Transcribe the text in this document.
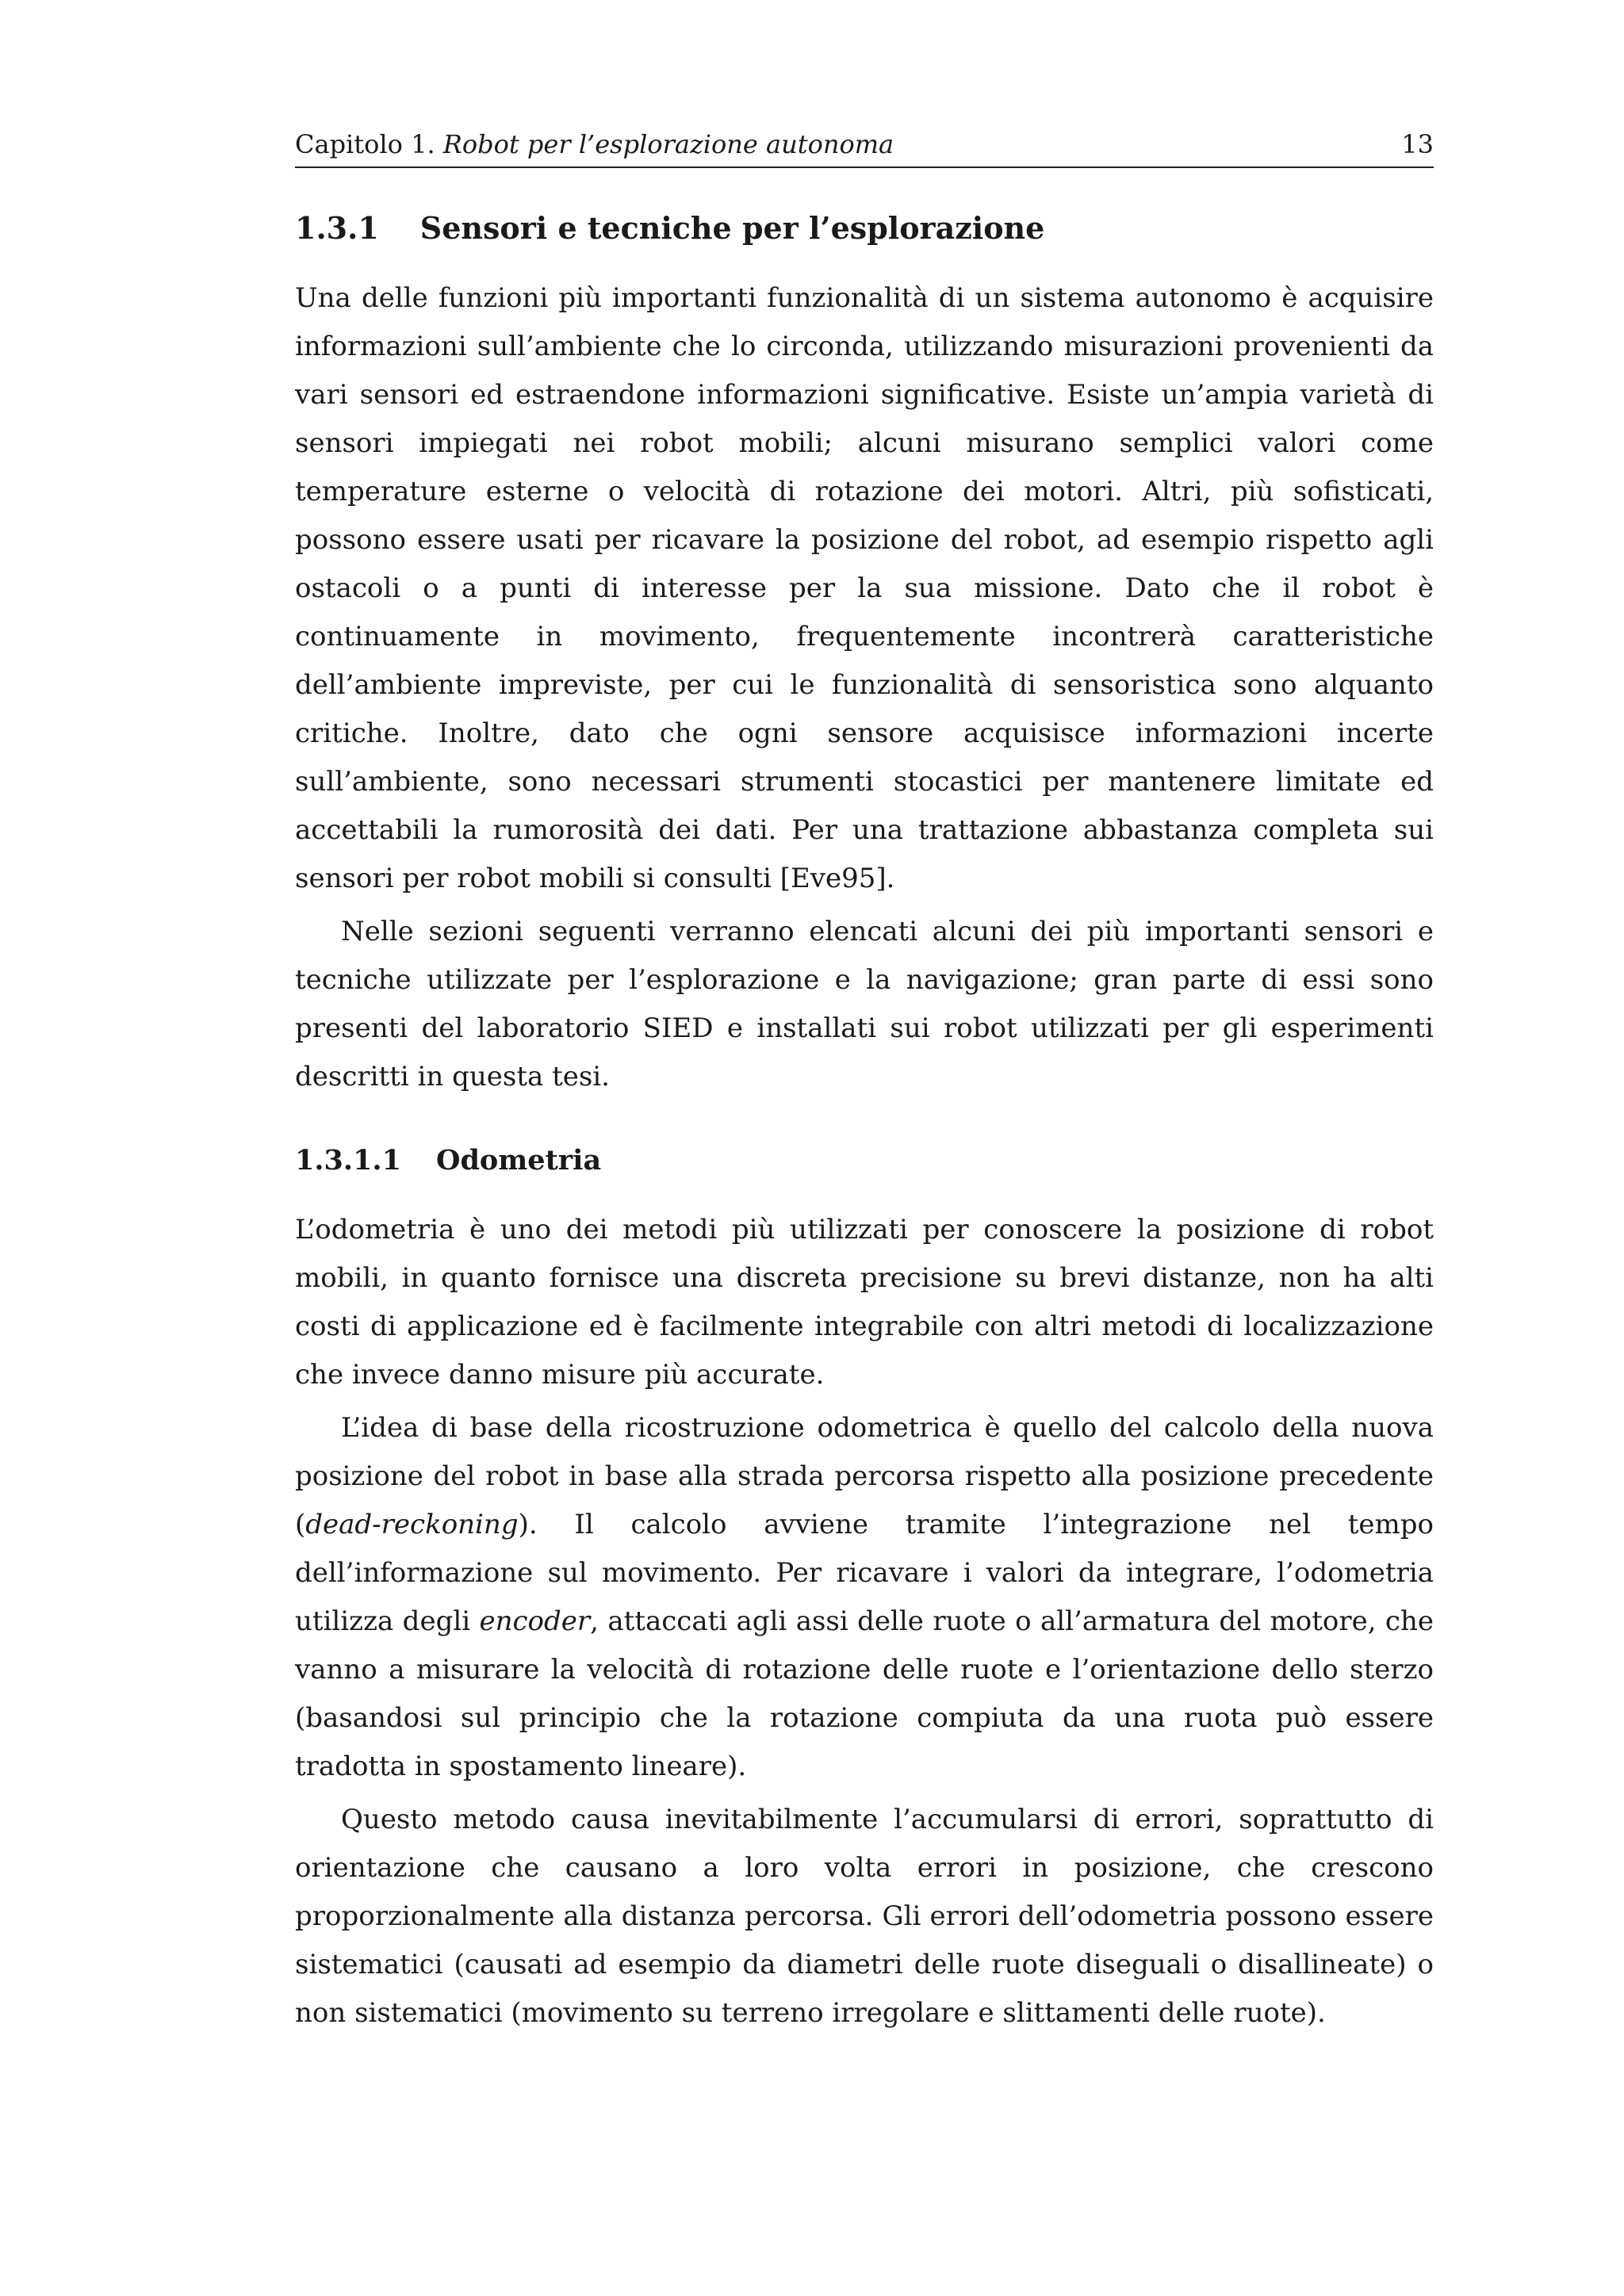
Capitolo 1. Robot per l’esplorazione autonoma	13
1.3.1 Sensori e tecniche per l’esplorazione

Una delle funzioni più importanti funzionalità di un sistema autonomo è acquisire informazioni sull’ambiente che lo circonda, utilizzando misurazioni provenienti da vari sensori ed estraendone informazioni significative. Esiste un’ampia varietà di sensori impiegati nei robot mobili; alcuni misurano semplici valori come temperature esterne o velocità di rotazione dei motori. Altri, più sofisticati, possono essere usati per ricavare la posizione del robot, ad esempio rispetto agli ostacoli o a punti di interesse per la sua missione. Dato che il robot è continuamente in movimento, frequentemente incontrerà caratteristiche dell’ambiente impreviste, per cui le funzionalità di sensoristica sono alquanto critiche. Inoltre, dato che ogni sensore acquisisce informazioni incerte sull’ambiente, sono necessari strumenti stocastici per mantenere limitate ed accettabili la rumorosità dei dati. Per una trattazione abbastanza completa sui sensori per robot mobili si consulti [Eve95].

Nelle sezioni seguenti verranno elencati alcuni dei più importanti sensori e tecniche utilizzate per l’esplorazione e la navigazione; gran parte di essi sono presenti del laboratorio SIED e installati sui robot utilizzati per gli esperimenti descritti in questa tesi.

1.3.1.1 Odometria

L’odometria è uno dei metodi più utilizzati per conoscere la posizione di robot mobili, in quanto fornisce una discreta precisione su brevi distanze, non ha alti costi di applicazione ed è facilmente integrabile con altri metodi di localizzazione che invece danno misure più accurate.

L’idea di base della ricostruzione odometrica è quello del calcolo della nuova posizione del robot in base alla strada percorsa rispetto alla posizione precedente (dead-reckoning). Il calcolo avviene tramite l’integrazione nel tempo dell’informazione sul movimento. Per ricavare i valori da integrare, l’odometria utilizza degli encoder, attaccati agli assi delle ruote o all’armatura del motore, che vanno a misurare la velocità di rotazione delle ruote e l’orientazione dello sterzo (basandosi sul principio che la rotazione compiuta da una ruota può essere tradotta in spostamento lineare).

Questo metodo causa inevitabilmente l’accumularsi di errori, soprattutto di orientazione che causano a loro volta errori in posizione, che crescono proporzionalmente alla distanza percorsa. Gli errori dell’odometria possono essere sistematici (causati ad esempio da diametri delle ruote diseguali o disallineate) o non sistematici (movimento su terreno irregolare e slittamenti delle ruote).
